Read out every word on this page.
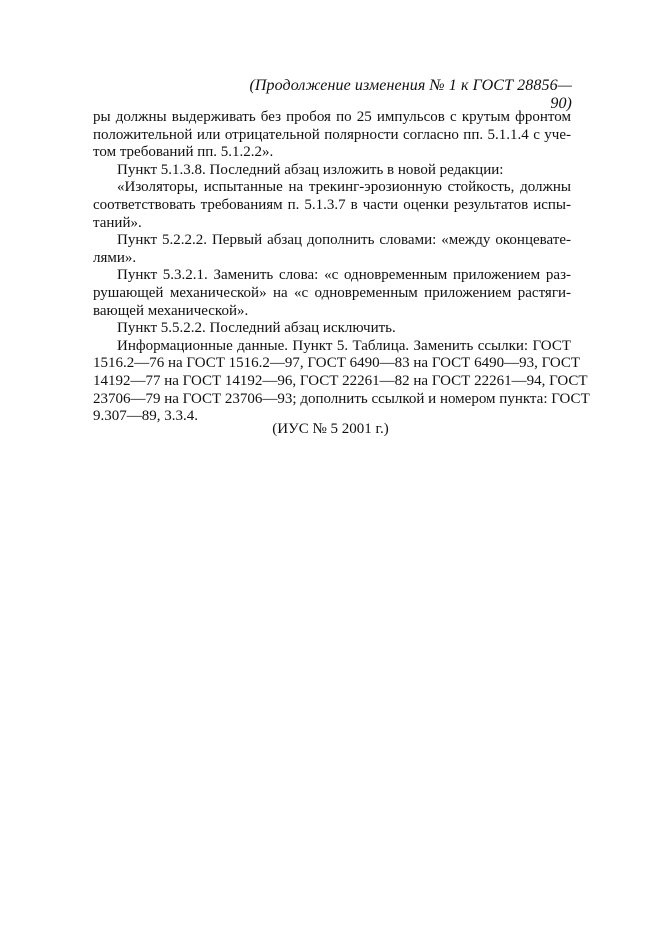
(Продолжение изменения № 1 к ГОСТ 28856—90)

ры должны выдерживать без пробоя по 25 импульсов с крутым фронтом
положительной или отрицательной полярности согласно пп. 5.1.1.4 с уче-
том требований пп. 5.1.2.2».

Пункт 5.1.3.8. Последний абзац изложить в новой редакции:

«Изоляторы, испытанные на трекинг-эрозионную стойкость, должны
соответствовать требованиям п. 5.1.3.7 в части оценки результатов испы-
таний».

Пункт 5.2.2.2. Первый абзац дополнить словами: «между оконцевате-
лями».

Пункт 5.3.2.1. Заменить слова: «с одновременным приложением раз-
рушающей механической» на «с одновременным приложением растяги-
вающей механической».

Пункт 5.5.2.2. Последний абзац исключить.

Информационные данные. Пункт 5. Таблица. Заменить ссылки: ГОСТ
1516.2—76 на ГОСТ 1516.2—97, ГОСТ 6490—83 на ГОСТ 6490—93, ГОСТ
14192—77 на ГОСТ 14192—96, ГОСТ 22261—82 на ГОСТ 22261—94, ГОСТ
23706—79 на ГОСТ 23706—93; дополнить ссылкой и номером пункта: ГОСТ
9.307—89, 3.3.4.

(ИУС № 5 2001 г.)
